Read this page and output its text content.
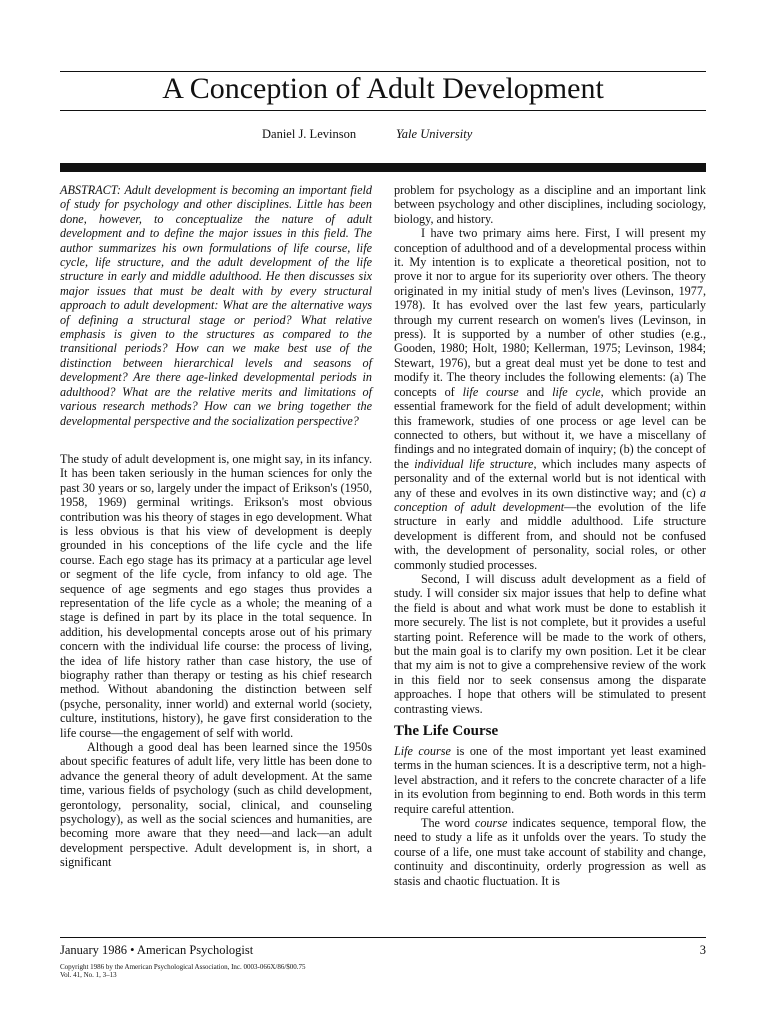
A Conception of Adult Development
Daniel J. Levinson	Yale University

ABSTRACT: Adult development is becoming an important field of study for psychology and other disciplines. Little has been done, however, to conceptualize the nature of adult development and to define the major issues in this field. The author summarizes his own formulations of life course, life cycle, life structure, and the adult development of the life structure in early and middle adulthood. He then discusses six major issues that must be dealt with by every structural approach to adult development: What are the alternative ways of defining a structural stage or period? What relative emphasis is given to the structures as compared to the transitional periods? How can we make best use of the distinction between hierarchical levels and seasons of development? Are there age-linked developmental periods in adulthood? What are the relative merits and limitations of various research methods? How can we bring together the developmental perspective and the socialization perspective?

The study of adult development is, one might say, in its infancy. It has been taken seriously in the human sciences for only the past 30 years or so, largely under the impact of Erikson's (1950, 1958, 1969) germinal writings. Erikson's most obvious contribution was his theory of stages in ego development. What is less obvious is that his view of development is deeply grounded in his conceptions of the life cycle and the life course. Each ego stage has its primacy at a particular age level or segment of the life cycle, from infancy to old age. The sequence of age segments and ego stages thus provides a representation of the life cycle as a whole; the meaning of a stage is defined in part by its place in the total sequence. In addition, his developmental concepts arose out of his primary concern with the individual life course: the process of living, the idea of life history rather than case history, the use of biography rather than therapy or testing as his chief research method. Without abandoning the distinction between self (psyche, personality, inner world) and external world (society, culture, institutions, history), he gave first consideration to the life course—the engagement of self with world.

Although a good deal has been learned since the 1950s about specific features of adult life, very little has been done to advance the general theory of adult development. At the same time, various fields of psychology (such as child development, gerontology, personality, social, clinical, and counseling psychology), as well as the social sciences and humanities, are becoming more aware that they need—and lack—an adult development perspective. Adult development is, in short, a significant

problem for psychology as a discipline and an important link between psychology and other disciplines, including sociology, biology, and history.

I have two primary aims here. First, I will present my conception of adulthood and of a developmental process within it. My intention is to explicate a theoretical position, not to prove it nor to argue for its superiority over others. The theory originated in my initial study of men's lives (Levinson, 1977, 1978). It has evolved over the last few years, particularly through my current research on women's lives (Levinson, in press). It is supported by a number of other studies (e.g., Gooden, 1980; Holt, 1980; Kellerman, 1975; Levinson, 1984; Stewart, 1976), but a great deal must yet be done to test and modify it. The theory includes the following elements: (a) The concepts of life course and life cycle, which provide an essential framework for the field of adult development; within this framework, studies of one process or age level can be connected to others, but without it, we have a miscellany of findings and no integrated domain of inquiry; (b) the concept of the individual life structure, which includes many aspects of personality and of the external world but is not identical with any of these and evolves in its own distinctive way; and (c) a conception of adult development—the evolution of the life structure in early and middle adulthood. Life structure development is different from, and should not be confused with, the development of personality, social roles, or other commonly studied processes.

Second, I will discuss adult development as a field of study. I will consider six major issues that help to define what the field is about and what work must be done to establish it more securely. The list is not complete, but it provides a useful starting point. Reference will be made to the work of others, but the main goal is to clarify my own position. Let it be clear that my aim is not to give a comprehensive review of the work in this field nor to seek consensus among the disparate approaches. I hope that others will be stimulated to present contrasting views.

The Life Course

Life course is one of the most important yet least examined terms in the human sciences. It is a descriptive term, not a high-level abstraction, and it refers to the concrete character of a life in its evolution from beginning to end. Both words in this term require careful attention.

The word course indicates sequence, temporal flow, the need to study a life as it unfolds over the years. To study the course of a life, one must take account of stability and change, continuity and discontinuity, orderly progression as well as stasis and chaotic fluctuation. It is

January 1986 • American Psychologist	3
Copyright 1986 by the American Psychological Association, Inc. 0003-066X/86/$00.75
Vol. 41, No. 1, 3–13
